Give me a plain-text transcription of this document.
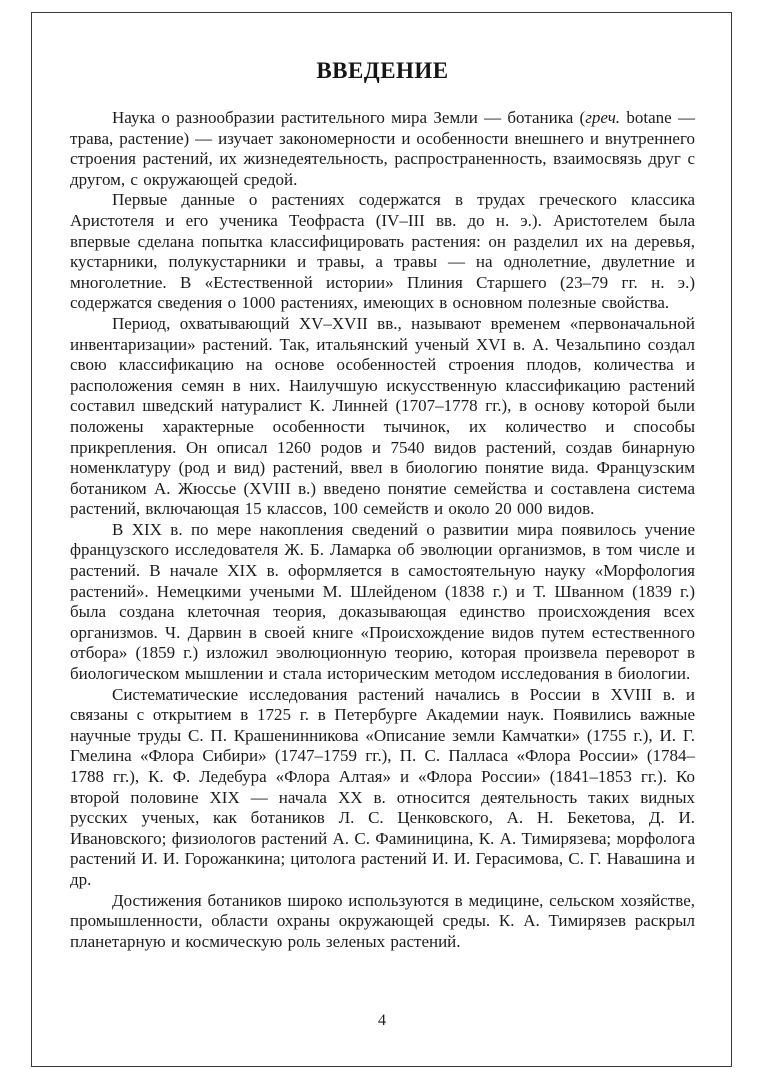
ВВЕДЕНИЕ

Наука о разнообразии растительного мира Земли — ботаника (греч. botane — трава, растение) — изучает закономерности и особенности внешнего и внутреннего строения растений, их жизнедеятельность, распространенность, взаимосвязь друг с другом, с окружающей средой.

Первые данные о растениях содержатся в трудах греческого классика Аристотеля и его ученика Теофраста (IV–III вв. до н. э.). Аристотелем была впервые сделана попытка классифицировать растения: он разделил их на деревья, кустарники, полукустарники и травы, а травы — на однолетние, двулетние и многолетние. В «Естественной истории» Плиния Старшего (23–79 гг. н. э.) содержатся сведения о 1000 растениях, имеющих в основном полезные свойства.

Период, охватывающий XV–XVII вв., называют временем «первоначальной инвентаризации» растений. Так, итальянский ученый XVI в. А. Чезальпино создал свою классификацию на основе особенностей строения плодов, количества и расположения семян в них. Наилучшую искусственную классификацию растений составил шведский натуралист К. Линней (1707–1778 гг.), в основу которой были положены характерные особенности тычинок, их количество и способы прикрепления. Он описал 1260 родов и 7540 видов растений, создав бинарную номенклатуру (род и вид) растений, ввел в биологию понятие вида. Французским ботаником А. Жюссье (XVIII в.) введено понятие семейства и составлена система растений, включающая 15 классов, 100 семейств и около 20 000 видов.

В XIX в. по мере накопления сведений о развитии мира появилось учение французского исследователя Ж. Б. Ламарка об эволюции организмов, в том числе и растений. В начале XIX в. оформляется в самостоятельную науку «Морфология растений». Немецкими учеными М. Шлейденом (1838 г.) и Т. Шванном (1839 г.) была создана клеточная теория, доказывающая единство происхождения всех организмов. Ч. Дарвин в своей книге «Происхождение видов путем естественного отбора» (1859 г.) изложил эволюционную теорию, которая произвела переворот в биологическом мышлении и стала историческим методом исследования в биологии.

Систематические исследования растений начались в России в XVIII в. и связаны с открытием в 1725 г. в Петербурге Академии наук. Появились важные научные труды С. П. Крашенинникова «Описание земли Камчатки» (1755 г.), И. Г. Гмелина «Флора Сибири» (1747–1759 гг.), П. С. Палласа «Флора России» (1784–1788 гг.), К. Ф. Ледебура «Флора Алтая» и «Флора России» (1841–1853 гг.). Ко второй половине XIX — начала XX в. относится деятельность таких видных русских ученых, как ботаников Л. С. Ценковского, А. Н. Бекетова, Д. И. Ивановского; физиологов растений А. С. Фаминицина, К. А. Тимирязева; морфолога растений И. И. Горожанкина; цитолога растений И. И. Герасимова, С. Г. Навашина и др.

Достижения ботаников широко используются в медицине, сельском хозяйстве, промышленности, области охраны окружающей среды. К. А. Тимирязев раскрыл планетарную и космическую роль зеленых растений.

4
